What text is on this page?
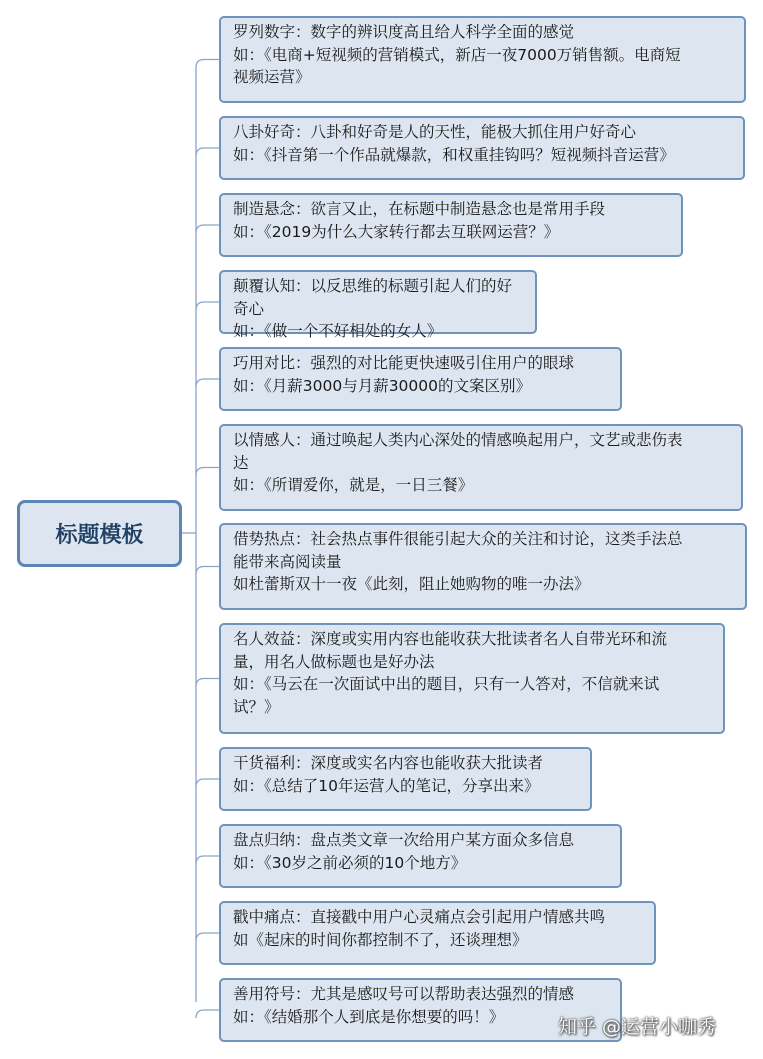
标题模板
罗列数字：数字的辨识度高且给人科学全面的感觉
如：《电商+短视频的营销模式，新店一夜7000万销售额。电商短
视频运营》
八卦好奇：八卦和好奇是人的天性，能极大抓住用户好奇心
如：《抖音第一个作品就爆款，和权重挂钩吗？短视频抖音运营》
制造悬念：欲言又止，在标题中制造悬念也是常用手段
如：《2019为什么大家转行都去互联网运营？》
颠覆认知：以反思维的标题引起人们的好奇心
如：《做一个不好相处的女人》
巧用对比：强烈的对比能更快速吸引住用户的眼球
如：《月薪3000与月薪30000的文案区别》
以情感人：通过唤起人类内心深处的情感唤起用户，文艺或悲伤表
达
如：《所谓爱你，就是，一日三餐》
借势热点：社会热点事件很能引起大众的关注和讨论，这类手法总
能带来高阅读量
如杜蕾斯双十一夜《此刻，阻止她购物的唯一办法》
名人效益：深度或实用内容也能收获大批读者名人自带光环和流
量，用名人做标题也是好办法
如：《马云在一次面试中出的题目，只有一人答对，不信就来试
试？》
干货福利：深度或实名内容也能收获大批读者
如：《总结了10年运营人的笔记，分享出来》
盘点归纳：盘点类文章一次给用户某方面众多信息
如：《30岁之前必须的10个地方》
戳中痛点：直接戳中用户心灵痛点会引起用户情感共鸣
如《起床的时间你都控制不了，还谈理想》
善用符号：尤其是感叹号可以帮助表达强烈的情感
如：《结婚那个人到底是你想要的吗！》	知乎 @运营小咖秀
